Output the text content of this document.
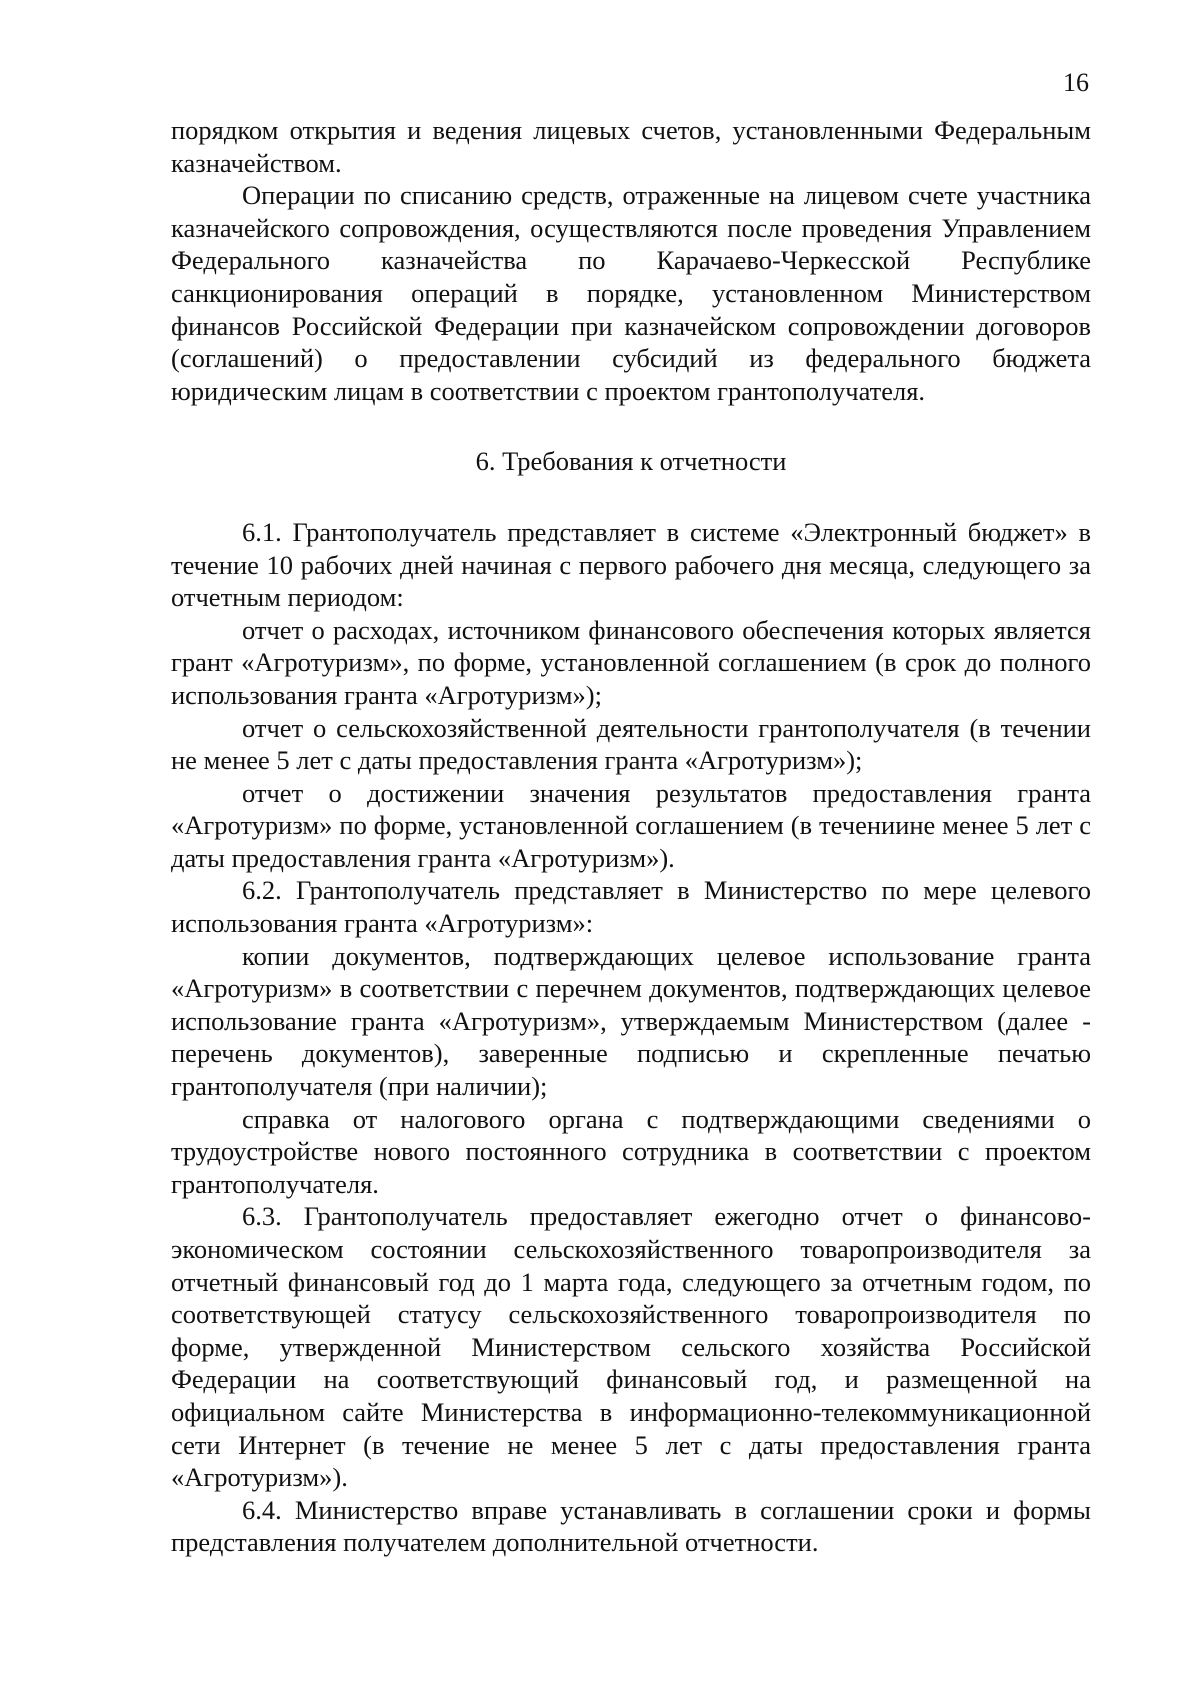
16

порядком открытия и ведения лицевых счетов, установленными Федеральным казначейством.

Операции по списанию средств, отраженные на лицевом счете участника казначейского сопровождения, осуществляются после проведения Управлением Федерального казначейства по Карачаево-Черкесской Республике санкционирования операций в порядке, установленном Министерством финансов Российской Федерации при казначейском сопровождении договоров (соглашений) о предоставлении субсидий из федерального бюджета юридическим лицам в соответствии с проектом грантополучателя.

6. Требования к отчетности

6.1. Грантополучатель представляет в системе «Электронный бюджет» в течение 10 рабочих дней начиная с первого рабочего дня месяца, следующего за отчетным периодом:

отчет о расходах, источником финансового обеспечения которых является грант «Агротуризм», по форме, установленной соглашением (в срок до полного использования гранта «Агротуризм»);

отчет о сельскохозяйственной деятельности грантополучателя (в течении не менее 5 лет с даты предоставления гранта «Агротуризм»);

отчет о достижении значения результатов предоставления гранта «Агротуризм» по форме, установленной соглашением (в течениине менее 5 лет с даты предоставления гранта «Агротуризм»).

6.2. Грантополучатель представляет в Министерство по мере целевого использования гранта «Агротуризм»:

копии документов, подтверждающих целевое использование гранта «Агротуризм» в соответствии с перечнем документов, подтверждающих целевое использование гранта «Агротуризм», утверждаемым Министерством (далее - перечень документов), заверенные подписью и скрепленные печатью грантополучателя (при наличии);

справка от налогового органа с подтверждающими сведениями о трудоустройстве нового постоянного сотрудника в соответствии с проектом грантополучателя.

6.3. Грантополучатель предоставляет ежегодно отчет о финансово-экономическом состоянии сельскохозяйственного товаропроизводителя за отчетный финансовый год до 1 марта года, следующего за отчетным годом, по соответствующей статусу сельскохозяйственного товаропроизводителя по форме, утвержденной Министерством сельского хозяйства Российской Федерации на соответствующий финансовый год, и размещенной на официальном сайте Министерства в информационно-телекоммуникационной сети Интернет (в течение не менее 5 лет с даты предоставления гранта «Агротуризм»).

6.4. Министерство вправе устанавливать в соглашении сроки и формы представления получателем дополнительной отчетности.
